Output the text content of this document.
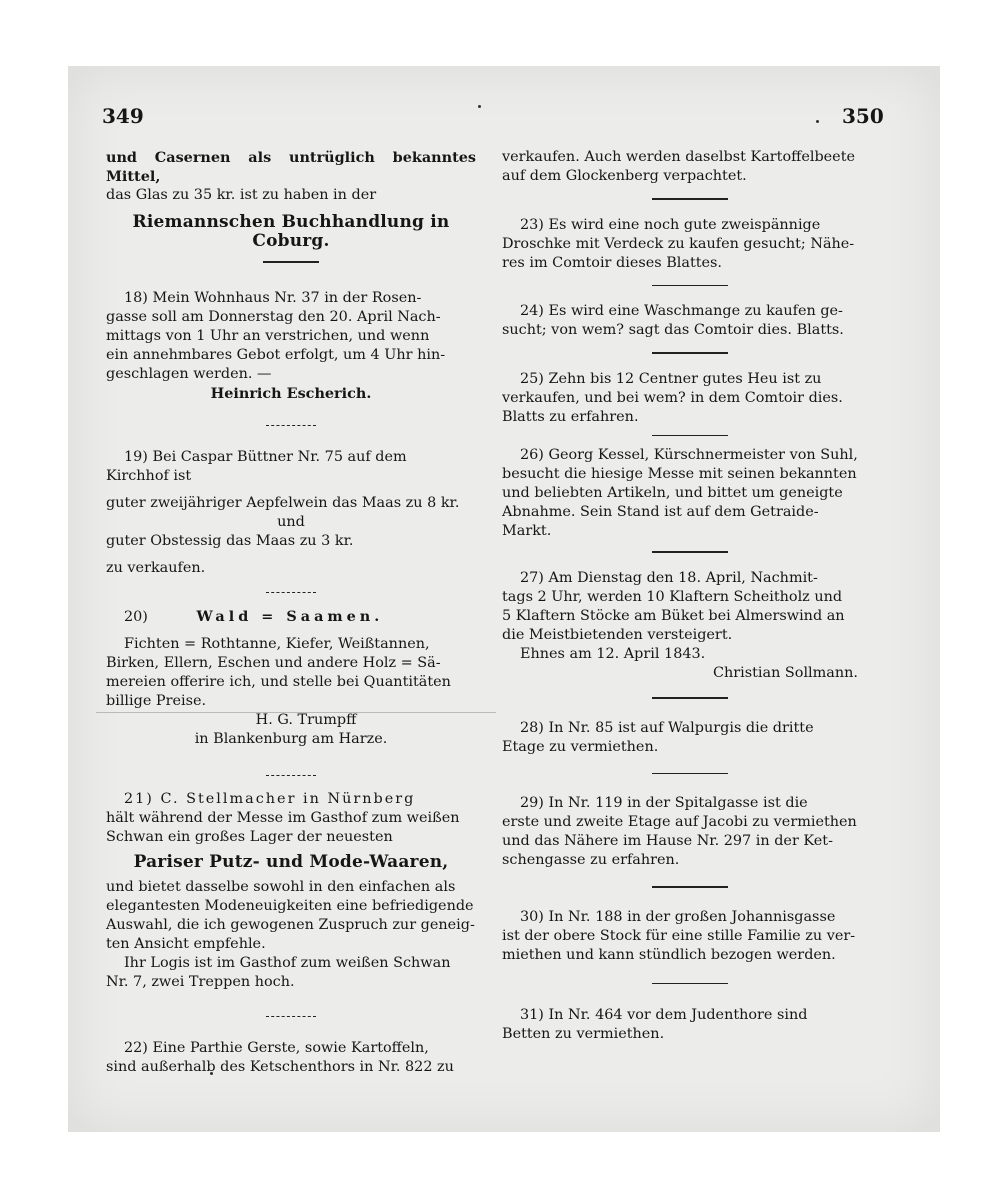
349	350

und Casernen als untrüglich bekanntes Mittel,

das Glas zu 35 kr. ist zu haben in der

Riemannschen Buchhandlung in Coburg.

18) Mein Wohnhaus Nr. 37 in der Rosen-

gasse soll am Donnerstag den 20. April Nach-

mittags von 1 Uhr an verstrichen, und wenn

ein annehmbares Gebot erfolgt, um 4 Uhr hin-

geschlagen werden. —

Heinrich Escherich.

19) Bei Caspar Büttner Nr. 75 auf dem

Kirchhof ist

guter zweijähriger Aepfelwein das Maas zu 8 kr.

und

guter Obstessig das Maas zu 3 kr.

zu verkaufen.

20)	Wald = Saamen.

Fichten = Rothtanne, Kiefer, Weißtannen,

Birken, Ellern, Eschen und andere Holz = Sä-

mereien offerire ich, und stelle bei Quantitäten

billige Preise.

H. G. Trumpff

in Blankenburg am Harze.

21) C. Stellmacher in Nürnberg

hält während der Messe im Gasthof zum weißen

Schwan ein großes Lager der neuesten

Pariser Putz- und Mode-Waaren,

und bietet dasselbe sowohl in den einfachen als

elegantesten Modeneuigkeiten eine befriedigende

Auswahl, die ich gewogenen Zuspruch zur geneig-

ten Ansicht empfehle.

Ihr Logis ist im Gasthof zum weißen Schwan

Nr. 7, zwei Treppen hoch.

22) Eine Parthie Gerste, sowie Kartoffeln,

sind außerhalb des Ketschenthors in Nr. 822 zu

verkaufen. Auch werden daselbst Kartoffelbeete

auf dem Glockenberg verpachtet.

23) Es wird eine noch gute zweispännige

Droschke mit Verdeck zu kaufen gesucht; Nähe-

res im Comtoir dieses Blattes.

24) Es wird eine Waschmange zu kaufen ge-

sucht; von wem? sagt das Comtoir dies. Blatts.

25) Zehn bis 12 Centner gutes Heu ist zu

verkaufen, und bei wem? in dem Comtoir dies.

Blatts zu erfahren.

26) Georg Kessel, Kürschnermeister von Suhl,

besucht die hiesige Messe mit seinen bekannten

und beliebten Artikeln, und bittet um geneigte

Abnahme. Sein Stand ist auf dem Getraide-

Markt.

27) Am Dienstag den 18. April, Nachmit-

tags 2 Uhr, werden 10 Klaftern Scheitholz und

5 Klaftern Stöcke am Büket bei Almerswind an

die Meistbietenden versteigert.

Ehnes am 12. April 1843.

Christian Sollmann.

28) In Nr. 85 ist auf Walpurgis die dritte

Etage zu vermiethen.

29) In Nr. 119 in der Spitalgasse ist die

erste und zweite Etage auf Jacobi zu vermiethen

und das Nähere im Hause Nr. 297 in der Ket-

schengasse zu erfahren.

30) In Nr. 188 in der großen Johannisgasse

ist der obere Stock für eine stille Familie zu ver-

miethen und kann stündlich bezogen werden.

31) In Nr. 464 vor dem Judenthore sind

Betten zu vermiethen.
